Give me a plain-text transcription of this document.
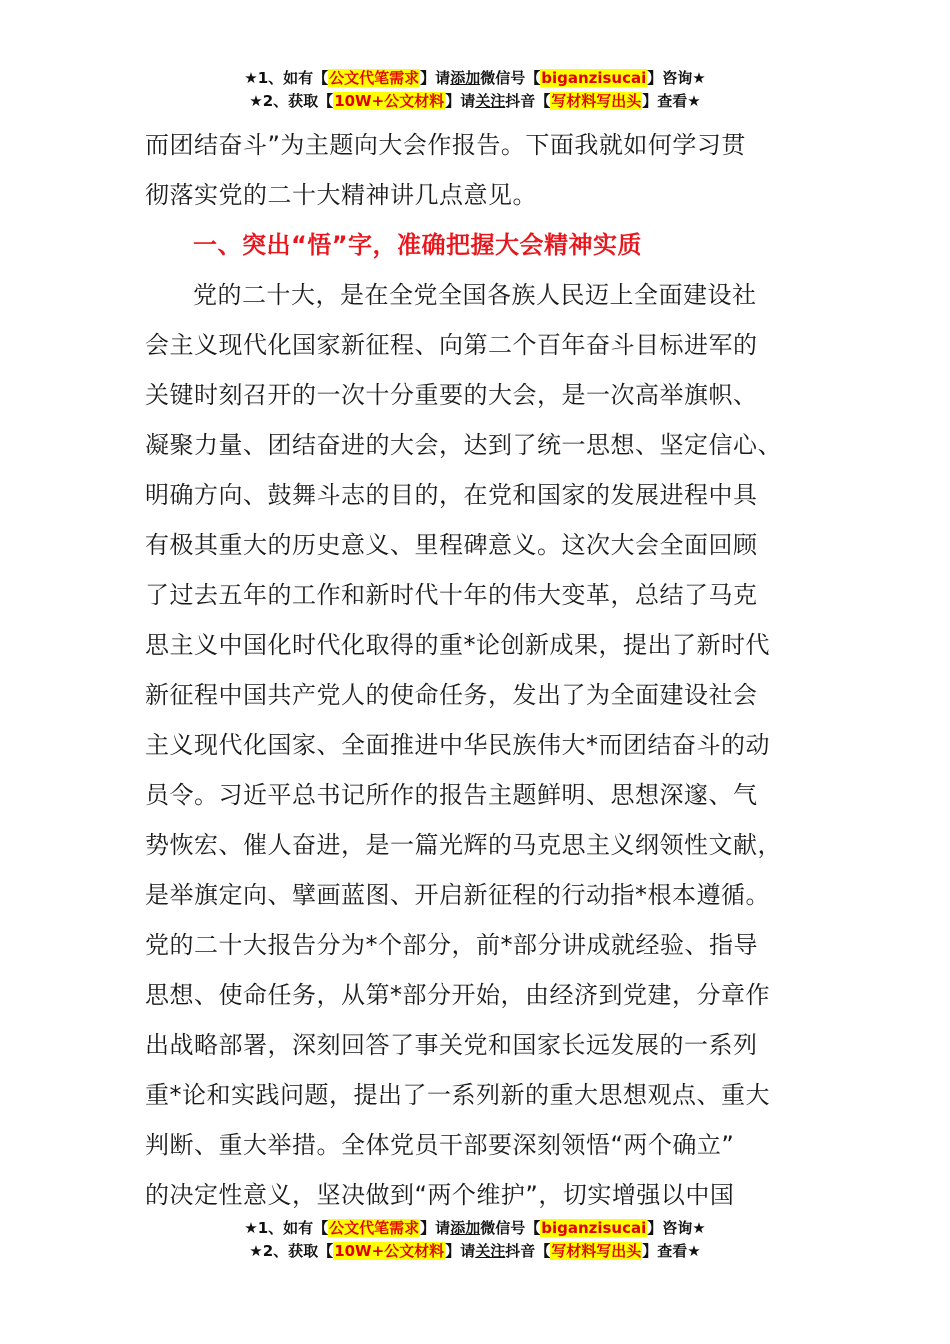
★1、如有【公文代笔需求】请添加微信号【biganzisucai】咨询★
★2、获取【10W+公文材料】请关注抖音【写材料写出头】查看★

而团结奋斗”为主题向大会作报告。下面我就如何学习贯

彻落实党的二十大精神讲几点意见。

一、突出“悟”字，准确把握大会精神实质

党的二十大，是在全党全国各族人民迈上全面建设社

会主义现代化国家新征程、向第二个百年奋斗目标进军的

关键时刻召开的一次十分重要的大会，是一次高举旗帜、

凝聚力量、团结奋进的大会，达到了统一思想、坚定信心、

明确方向、鼓舞斗志的目的，在党和国家的发展进程中具

有极其重大的历史意义、里程碑意义。这次大会全面回顾

了过去五年的工作和新时代十年的伟大变革，总结了马克

思主义中国化时代化取得的重*论创新成果，提出了新时代

新征程中国共产党人的使命任务，发出了为全面建设社会

主义现代化国家、全面推进中华民族伟大*而团结奋斗的动

员令。习近平总书记所作的报告主题鲜明、思想深邃、气

势恢宏、催人奋进，是一篇光辉的马克思主义纲领性文献，

是举旗定向、擘画蓝图、开启新征程的行动指*根本遵循。

党的二十大报告分为*个部分，前*部分讲成就经验、指导

思想、使命任务，从第*部分开始，由经济到党建，分章作

出战略部署，深刻回答了事关党和国家长远发展的一系列

重*论和实践问题，提出了一系列新的重大思想观点、重大

判断、重大举措。全体党员干部要深刻领悟“两个确立”

的决定性意义，坚决做到“两个维护”，切实增强以中国

★1、如有【公文代笔需求】请添加微信号【biganzisucai】咨询★
★2、获取【10W+公文材料】请关注抖音【写材料写出头】查看★
